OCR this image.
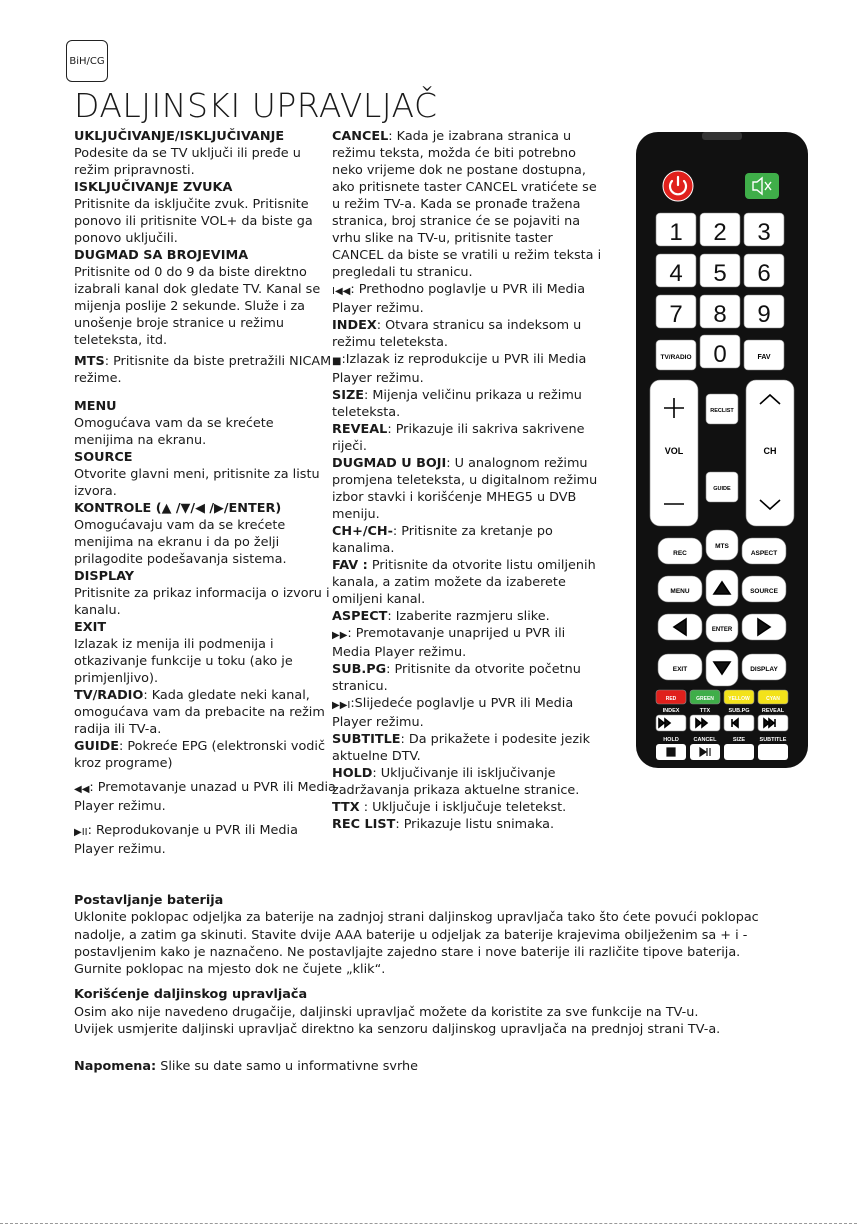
BiH/CG
DALJINSKI UPRAVLJAČ

UKLJUČIVANJE/ISKLJUČIVANJE
Podesite da se TV uključi ili pređe u režim pripravnosti.

ISKLJUČIVANJE ZVUKA
Pritisnite da isključite zvuk. Pritisnite ponovo ili pritisnite VOL+ da biste ga ponovo uključili.

DUGMAD SA BROJEVIMA
Pritisnite od 0 do 9 da biste direktno izabrali kanal dok gledate TV. Kanal se mijenja poslije 2 sekunde. Služe i za unošenje broje stranice u režimu teleteksta, itd.

MTS: Pritisnite da biste pretražili NICAM režime.

MENU
Omogućava vam da se krećete menijima na ekranu.

SOURCE
Otvorite glavni meni, pritisnite za listu izvora.

KONTROLE (▲ /▼/◀ /▶/ENTER)
Omogućavaju vam da se krećete menijima na ekranu i da po želji prilagodite podešavanja sistema.

DISPLAY
Pritisnite za prikaz informacija o izvoru i kanalu.

EXIT
Izlazak iz menija ili podmenija i otkazivanje funkcije u toku (ako je primjenljivo).

TV/RADIO: Kada gledate neki kanal, omogućava vam da prebacite na režim radija ili TV-a.

GUIDE: Pokreće EPG (elektronski vodič kroz programe)

◀◀: Premotavanje unazad u PVR ili Media Player režimu.

▶II: Reprodukovanje u PVR ili Media Player režimu.

CANCEL: Kada je izabrana stranica u režimu teksta, možda će biti potrebno neko vrijeme dok ne postane dostupna, ako pritisnete taster CANCEL vratićete se u režim TV-a. Kada se pronađe tražena stranica, broj stranice će se pojaviti na vrhu slike na TV-u, pritisnite taster CANCEL da biste se vratili u režim teksta i pregledali tu stranicu.

I◀◀: Prethodno poglavlje u PVR ili Media Player režimu.

INDEX: Otvara stranicu sa indeksom u režimu teleteksta.

■:Izlazak iz reprodukcije u PVR ili Media Player režimu.

SIZE: Mijenja veličinu prikaza u režimu teleteksta.

REVEAL: Prikazuje ili sakriva sakrivene riječi.

DUGMAD U BOJI: U analognom režimu promjena teleteksta, u digitalnom režimu izbor stavki i korišćenje MHEG5 u DVB meniju.

CH+/CH-: Pritisnite za kretanje po kanalima.

FAV : Pritisnite da otvorite listu omiljenih kanala, a zatim možete da izaberete omiljeni kanal.

ASPECT: Izaberite razmjeru slike.

▶▶: Premotavanje unaprijed u PVR ili Media Player režimu.

SUB.PG: Pritisnite da otvorite početnu stranicu.

▶▶I:Slijedeće poglavlje u PVR ili Media Player režimu.

SUBTITLE: Da prikažete i podesite jezik aktuelne DTV.

HOLD: Uključivanje ili isključivanje zadržavanja prikaza aktuelne stranice.

TTX : Uključuje i isključuje teletekst.

REC LIST: Prikazuje listu snimaka.

1 2 3
4 5 6
7 8 9
TV/RADIO 0	FAV
VOL	CH
RECLIST
GUIDE
REC
MTS
ASPECT
MENU	SOURCE
ENTER
EXIT	DISPLAY
RED
INDEX
GREEN
TTX
YELLOW
SUB.PG
CYAN
REVEAL
HOLD	CANCEL	SIZE	SUBTITLE

Postavljanje baterija

Uklonite poklopac odjeljka za baterije na zadnjoj strani daljinskog upravljača tako što ćete povući poklopac nadolje, a zatim ga skinuti. Stavite dvije AAA baterije u odjeljak za baterije krajevima obilježenim sa + i - postavljenim kako je naznačeno. Ne postavljajte zajedno stare i nove baterije ili različite tipove baterija. Gurnite poklopac na mjesto dok ne čujete „klik“.

Korišćenje daljinskog upravljača

Osim ako nije navedeno drugačije, daljinski upravljač možete da koristite za sve funkcije na TV-u.

Uvijek usmjerite daljinski upravljač direktno ka senzoru daljinskog upravljača na prednjoj strani TV-a.

Napomena: Slike su date samo u informativne svrhe
